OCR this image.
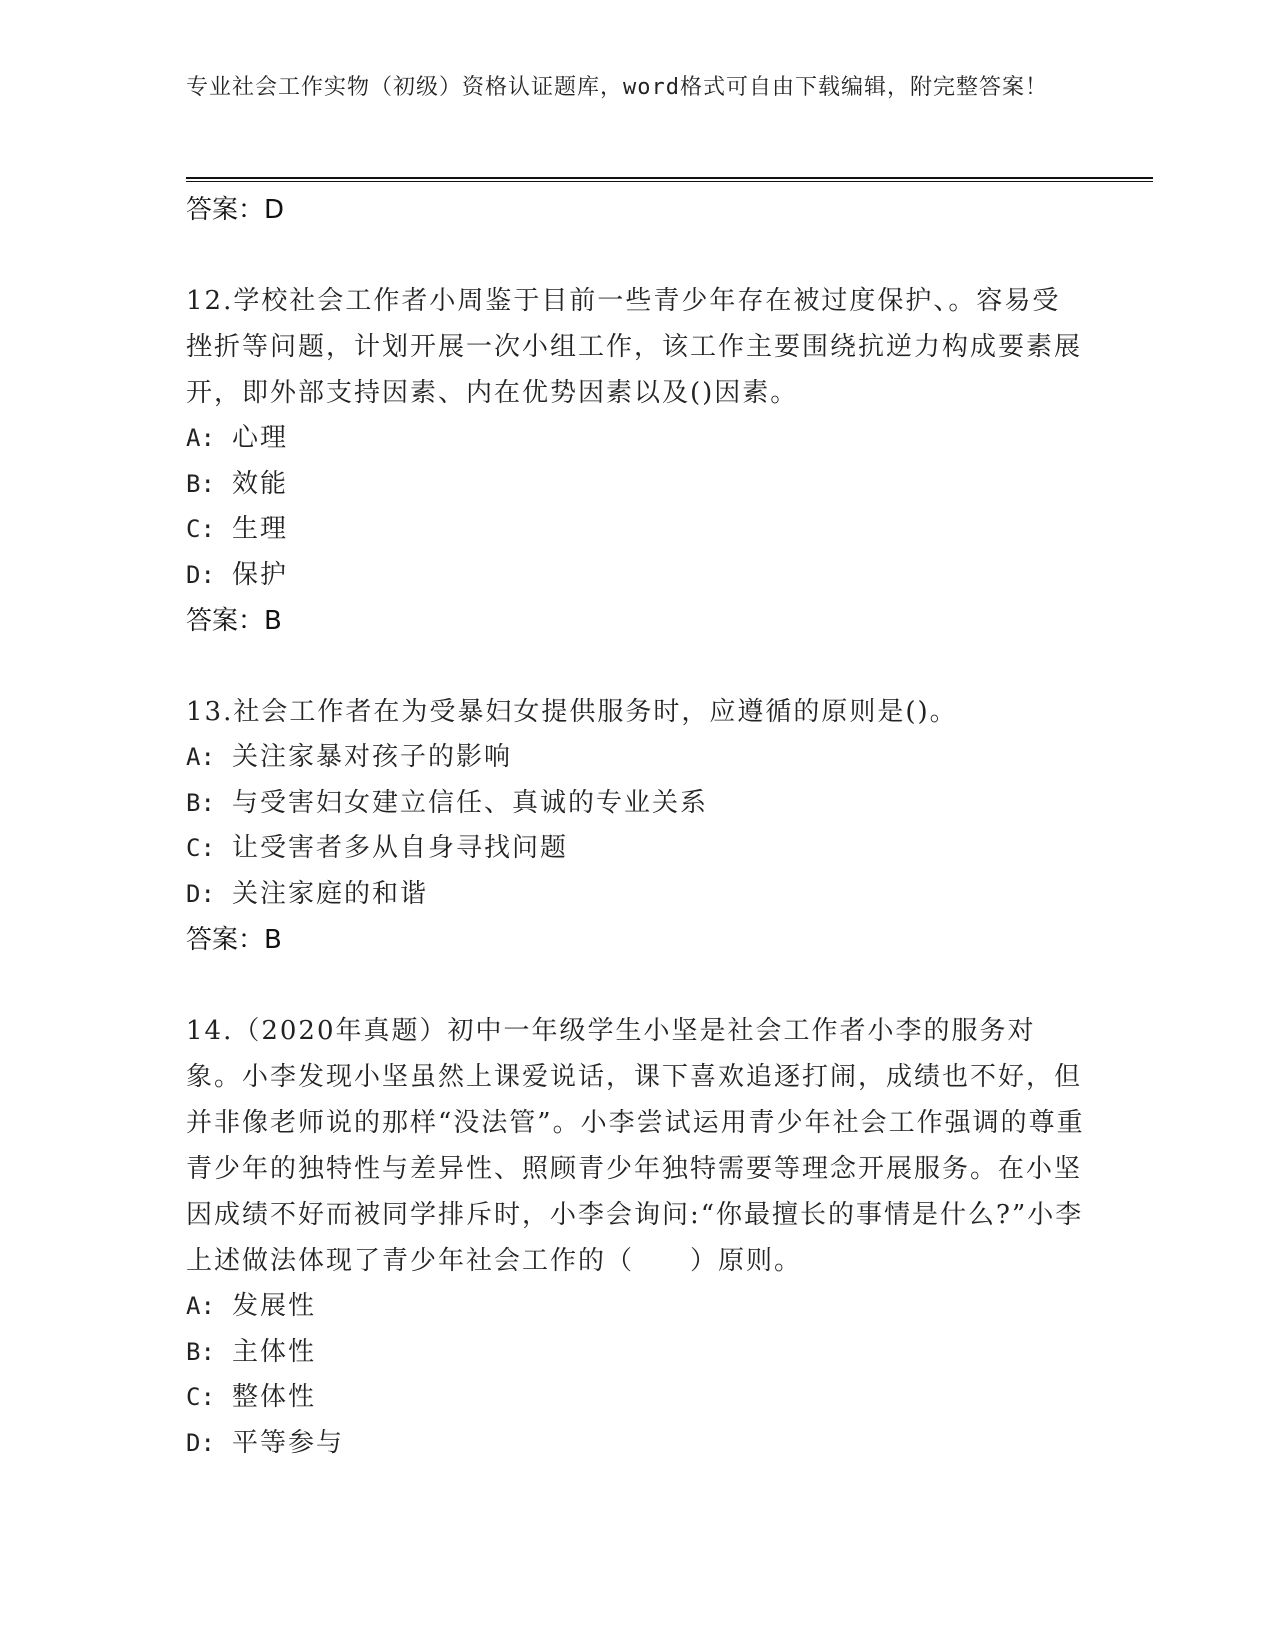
专业社会工作实物（初级）资格认证题库，word格式可自由下载编辑，附完整答案！
答案：D
12.学校社会工作者小周鉴于目前一些青少年存在被过度保护、。容易受挫折等问题，计划开展一次小组工作，该工作主要围绕抗逆力构成要素展开，即外部支持因素、内在优势因素以及()因素。
A: 心理
B: 效能
C: 生理
D: 保护
答案：B
13.社会工作者在为受暴妇女提供服务时，应遵循的原则是()。
A: 关注家暴对孩子的影响
B: 与受害妇女建立信任、真诚的专业关系
C: 让受害者多从自身寻找问题
D: 关注家庭的和谐
答案：B
14.（2020年真题）初中一年级学生小坚是社会工作者小李的服务对象。小李发现小坚虽然上课爱说话，课下喜欢追逐打闹，成绩也不好，但并非像老师说的那样“没法管”。小李尝试运用青少年社会工作强调的尊重青少年的独特性与差异性、照顾青少年独特需要等理念开展服务。在小坚因成绩不好而被同学排斥时，小李会询问:“你最擅长的事情是什么?”小李上述做法体现了青少年社会工作的（　　）原则。
A: 发展性
B: 主体性
C: 整体性
D: 平等参与
